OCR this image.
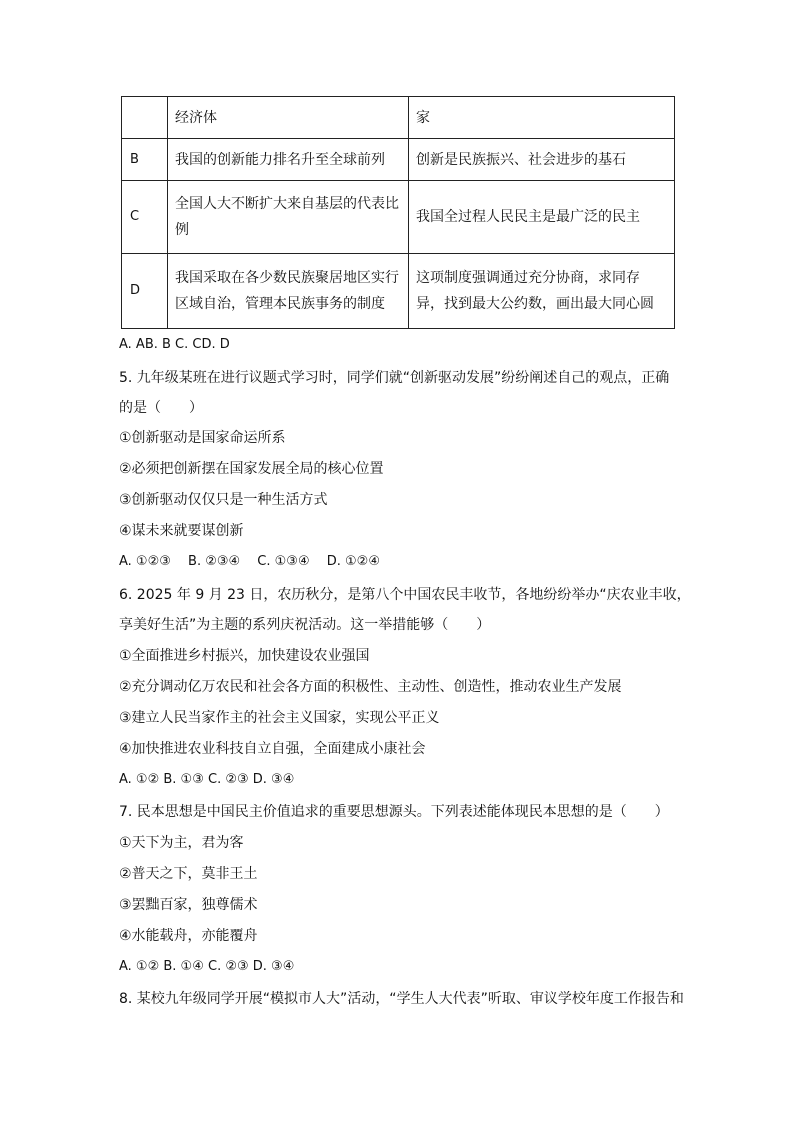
	经济体	家
B	我国的创新能力排名升至全球前列	创新是民族振兴、社会进步的基石
C	全国人大不断扩大来自基层的代表比例	我国全过程人民民主是最广泛的民主
D	我国采取在各少数民族聚居地区实行区域自治，管理本民族事务的制度	这项制度强调通过充分协商，求同存异，找到最大公约数，画出最大同心圆
A. AB. B C. CD. D
5. 九年级某班在进行议题式学习时，同学们就“创新驱动发展”纷纷阐述自己的观点，正确
的是（　　）
①创新驱动是国家命运所系
②必须把创新摆在国家发展全局的核心位置
③创新驱动仅仅只是一种生活方式
④谋未来就要谋创新
A. ①②③　 B. ②③④　 C. ①③④　 D. ①②④
6. 2025 年 9 月 23 日，农历秋分，是第八个中国农民丰收节，各地纷纷举办“庆农业丰收，
享美好生活”为主题的系列庆祝活动。这一举措能够（　　）
①全面推进乡村振兴，加快建设农业强国
②充分调动亿万农民和社会各方面的积极性、主动性、创造性，推动农业生产发展
③建立人民当家作主的社会主义国家，实现公平正义
④加快推进农业科技自立自强，全面建成小康社会
A. ①② B. ①③ C. ②③ D. ③④
7. 民本思想是中国民主价值追求的重要思想源头。下列表述能体现民本思想的是（　　）
①天下为主，君为客
②普天之下，莫非王土
③罢黜百家，独尊儒术
④水能载舟，亦能覆舟
A. ①② B. ①④ C. ②③ D. ③④
8. 某校九年级同学开展“模拟市人大”活动，“学生人大代表”听取、审议学校年度工作报告和
